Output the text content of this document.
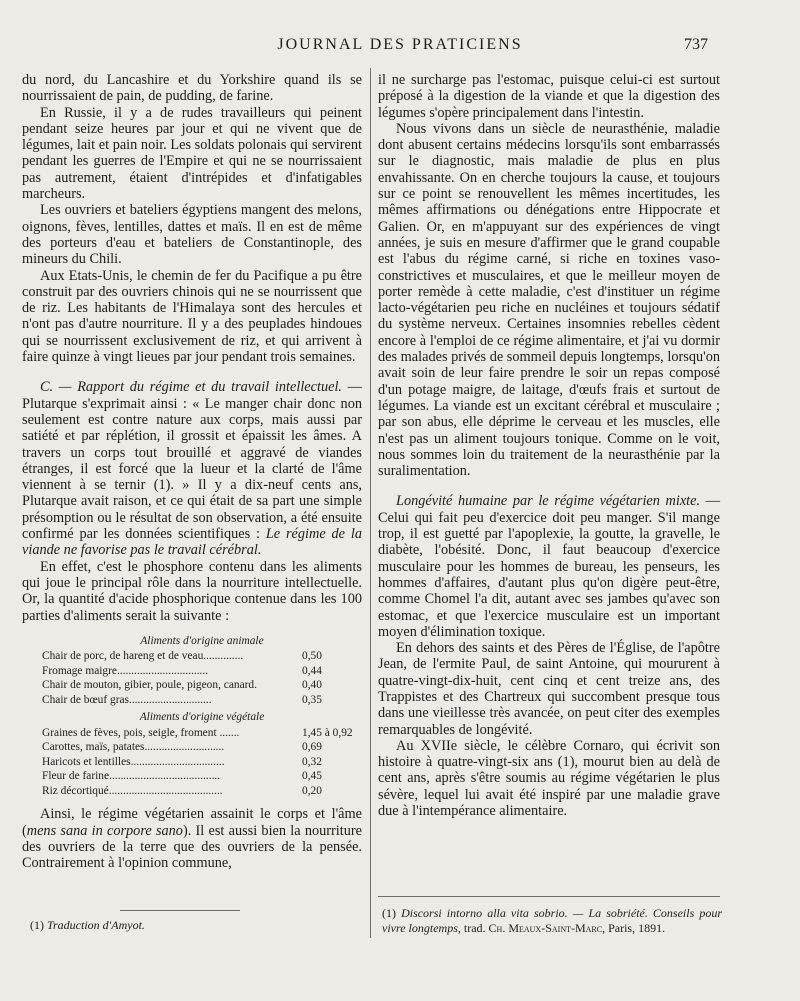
JOURNAL DES PRATICIENS	737

du nord, du Lancashire et du Yorkshire quand ils se nourrissaient de pain, de pudding, de farine.

En Russie, il y a de rudes travailleurs qui peinent pendant seize heures par jour et qui ne vivent que de légumes, lait et pain noir. Les soldats polonais qui servirent pendant les guerres de l'Empire et qui ne se nourrissaient pas autrement, étaient d'intrépides et d'infatigables marcheurs.

Les ouvriers et bateliers égyptiens mangent des melons, oignons, fèves, lentilles, dattes et maïs. Il en est de même des porteurs d'eau et bateliers de Constantinople, des mineurs du Chili.

Aux Etats-Unis, le chemin de fer du Pacifique a pu être construit par des ouvriers chinois qui ne se nourrissent que de riz. Les habitants de l'Himalaya sont des hercules et n'ont pas d'autre nourriture. Il y a des peuplades hindoues qui se nourrissent exclusivement de riz, et qui arrivent à faire quinze à vingt lieues par jour pendant trois semaines.

C. — Rapport du régime et du travail intellectuel. — Plutarque s'exprimait ainsi : « Le manger chair donc non seulement est contre nature aux corps, mais aussi par satiété et par réplétion, il grossit et épaissit les âmes. A travers un corps tout brouillé et aggravé de viandes étranges, il est forcé que la lueur et la clarté de l'âme viennent à se ternir (1). » Il y a dix-neuf cents ans, Plutarque avait raison, et ce qui était de sa part une simple présomption ou le résultat de son observation, a été ensuite confirmé par les données scientifiques : Le régime de la viande ne favorise pas le travail cérébral.

En effet, c'est le phosphore contenu dans les aliments qui joue le principal rôle dans la nourriture intellectuelle. Or, la quantité d'acide phosphorique contenue dans les 100 parties d'aliments serait la suivante :

Aliments d'origine animale
Chair de porc, de hareng et de veau..............	0,50
Fromage maigre................................	0,44
Chair de mouton, gibier, poule, pigeon, canard.	0,40
Chair de bœuf gras.............................	0,35
Aliments d'origine végétale
Graines de fèves, pois, seigle, froment .......	1,45 à 0,92
Carottes, maïs, patates............................	0,69
Haricots et lentilles.................................	0,32
Fleur de farine.......................................	0,45
Riz décortiqué........................................	0,20

Ainsi, le régime végétarien assainit le corps et l'âme (mens sana in corpore sano). Il est aussi bien la nourriture des ouvriers de la terre que des ouvriers de la pensée. Contrairement à l'opinion commune,

il ne surcharge pas l'estomac, puisque celui-ci est surtout préposé à la digestion de la viande et que la digestion des légumes s'opère principalement dans l'intestin.

Nous vivons dans un siècle de neurasthénie, maladie dont abusent certains médecins lorsqu'ils sont embarrassés sur le diagnostic, mais maladie de plus en plus envahissante. On en cherche toujours la cause, et toujours sur ce point se renouvellent les mêmes incertitudes, les mêmes affirmations ou dénégations entre Hippocrate et Galien. Or, en m'appuyant sur des expériences de vingt années, je suis en mesure d'affirmer que le grand coupable est l'abus du régime carné, si riche en toxines vaso-constrictives et musculaires, et que le meilleur moyen de porter remède à cette maladie, c'est d'instituer un régime lacto-végétarien peu riche en nucléines et toujours sédatif du système nerveux. Certaines insomnies rebelles cèdent encore à l'emploi de ce régime alimentaire, et j'ai vu dormir des malades privés de sommeil depuis longtemps, lorsqu'on avait soin de leur faire prendre le soir un repas composé d'un potage maigre, de laitage, d'œufs frais et surtout de légumes. La viande est un excitant cérébral et musculaire ; par son abus, elle déprime le cerveau et les muscles, elle n'est pas un aliment toujours tonique. Comme on le voit, nous sommes loin du traitement de la neurasthénie par la suralimentation.

Longévité humaine par le régime végétarien mixte. — Celui qui fait peu d'exercice doit peu manger. S'il mange trop, il est guetté par l'apoplexie, la goutte, la gravelle, le diabète, l'obésité. Donc, il faut beaucoup d'exercice musculaire pour les hommes de bureau, les penseurs, les hommes d'affaires, d'autant plus qu'on digère peut-être, comme Chomel l'a dit, autant avec ses jambes qu'avec son estomac, et que l'exercice musculaire est un important moyen d'élimination toxique.

En dehors des saints et des Pères de l'Église, de l'apôtre Jean, de l'ermite Paul, de saint Antoine, qui moururent à quatre-vingt-dix-huit, cent cinq et cent treize ans, des Trappistes et des Chartreux qui succombent presque tous dans une vieillesse très avancée, on peut citer des exemples remarquables de longévité.

Au XVIIe siècle, le célèbre Cornaro, qui écrivit son histoire à quatre-vingt-six ans (1), mourut bien au delà de cent ans, après s'être soumis au régime végétarien le plus sévère, lequel lui avait été inspiré par une maladie grave due à l'intempérance alimentaire.

(1) Traduction d'Amyot.
(1) Discorsi intorno alla vita sobrio. — La sobriété. Conseils pour vivre longtemps, trad. Ch. Meaux-Saint-Marc, Paris, 1891.
